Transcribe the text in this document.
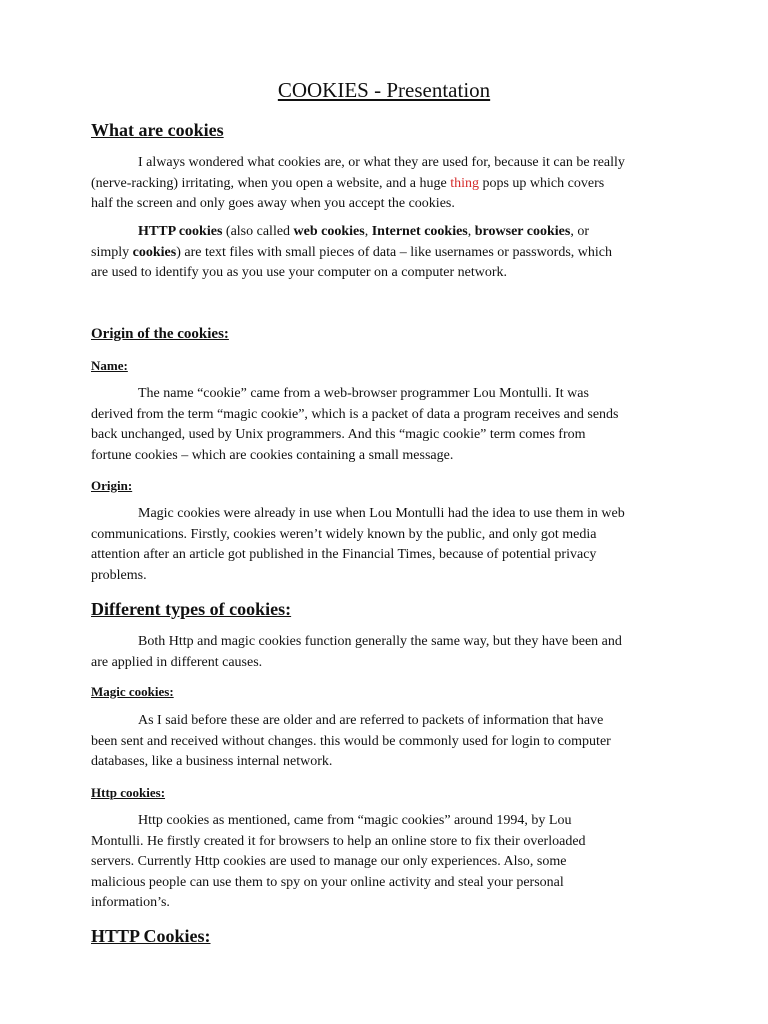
COOKIES - Presentation
What are cookies

I always wondered what cookies are, or what they are used for, because it can be really
(nerve-racking) irritating, when you open a website, and a huge thing pops up which covers
half the screen and only goes away when you accept the cookies.

HTTP cookies (also called web cookies, Internet cookies, browser cookies, or
simply cookies) are text files with small pieces of data – like usernames or passwords, which
are used to identify you as you use your computer on a computer network.

Origin of the cookies:
Name:

The name “cookie” came from a web-browser programmer Lou Montulli. It was
derived from the term “magic cookie”, which is a packet of data a program receives and sends
back unchanged, used by Unix programmers. And this “magic cookie” term comes from
fortune cookies – which are cookies containing a small message.

Origin:

Magic cookies were already in use when Lou Montulli had the idea to use them in web
communications. Firstly, cookies weren’t widely known by the public, and only got media
attention after an article got published in the Financial Times, because of potential privacy
problems.

Different types of cookies:

Both Http and magic cookies function generally the same way, but they have been and
are applied in different causes.

Magic cookies:

As I said before these are older and are referred to packets of information that have
been sent and received without changes. this would be commonly used for login to computer
databases, like a business internal network.

Http cookies:

Http cookies as mentioned, came from “magic cookies” around 1994, by Lou
Montulli. He firstly created it for browsers to help an online store to fix their overloaded
servers. Currently Http cookies are used to manage our only experiences. Also, some
malicious people can use them to spy on your online activity and steal your personal
information’s.

HTTP Cookies:
